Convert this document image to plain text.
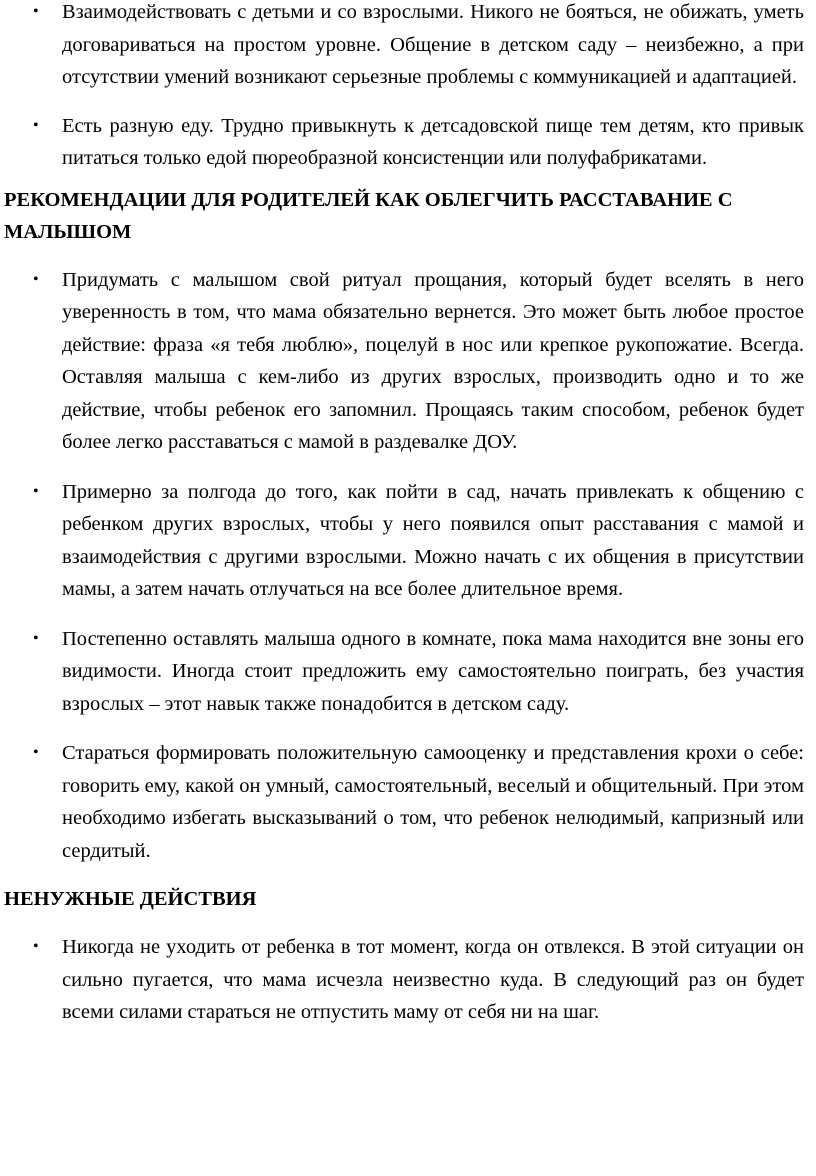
• Взаимодействовать с детьми и со взрослыми. Никого не бояться, не обижать, уметь договариваться на простом уровне. Общение в детском саду – неизбежно, а при отсутствии умений возникают серьезные проблемы с коммуникацией и адаптацией.
• Есть разную еду. Трудно привыкнуть к детсадовской пище тем детям, кто привык питаться только едой пюреобразной консистенции или полуфабрикатами.
РЕКОМЕНДАЦИИ ДЛЯ РОДИТЕЛЕЙ КАК ОБЛЕГЧИТЬ РАССТАВАНИЕ С МАЛЫШОМ
• Придумать с малышом свой ритуал прощания, который будет вселять в него уверенность в том, что мама обязательно вернется. Это может быть любое простое действие: фраза «я тебя люблю», поцелуй в нос или крепкое рукопожатие. Всегда. Оставляя малыша с кем-либо из других взрослых, производить одно и то же действие, чтобы ребенок его запомнил. Прощаясь таким способом, ребенок будет более легко расставаться с мамой в раздевалке ДОУ.
• Примерно за полгода до того, как пойти в сад, начать привлекать к общению с ребенком других взрослых, чтобы у него появился опыт расставания с мамой и взаимодействия с другими взрослыми. Можно начать с их общения в присутствии мамы, а затем начать отлучаться на все более длительное время.
• Постепенно оставлять малыша одного в комнате, пока мама находится вне зоны его видимости. Иногда стоит предложить ему самостоятельно поиграть, без участия взрослых – этот навык также понадобится в детском саду.
• Стараться формировать положительную самооценку и представления крохи о себе: говорить ему, какой он умный, самостоятельный, веселый и общительный. При этом необходимо избегать высказываний о том, что ребенок нелюдимый, капризный или сердитый.
НЕНУЖНЫЕ ДЕЙСТВИЯ
• Никогда не уходить от ребенка в тот момент, когда он отвлекся. В этой ситуации он сильно пугается, что мама исчезла неизвестно куда. В следующий раз он будет всеми силами стараться не отпустить маму от себя ни на шаг.
